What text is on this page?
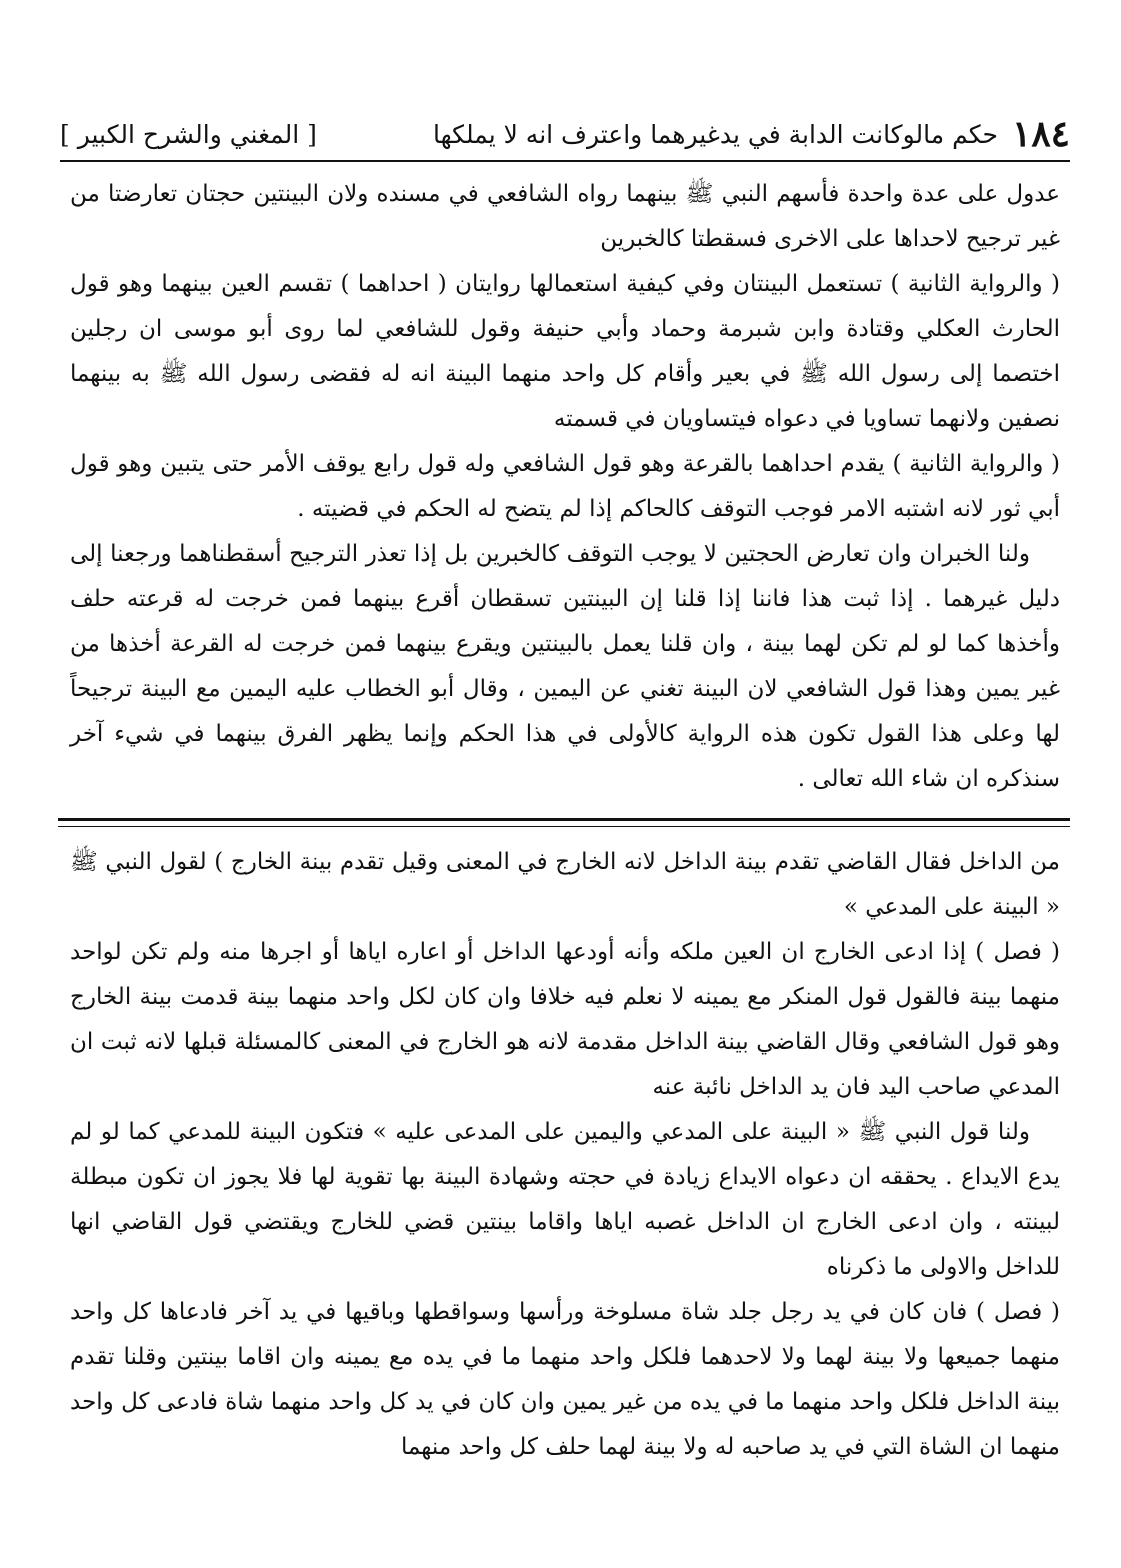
١٨٤
حكم مالوكانت الدابة في يدغيرهما واعترف انه لا يملكها
[ المغني والشرح الكبير ]

عدول على عدة واحدة فأسهم النبي ﷺ بينهما رواه الشافعي في مسنده ولان البينتين حجتان تعارضتا من غير ترجيح لاحداها على الاخرى فسقطتا كالخبرين

( والرواية الثانية ) تستعمل البينتان وفي كيفية استعمالها روايتان ( احداهما ) تقسم العين بينهما وهو قول الحارث العكلي وقتادة وابن شبرمة وحماد وأبي حنيفة وقول للشافعي لما روى أبو موسى ان رجلين اختصما إلى رسول الله ﷺ في بعير وأقام كل واحد منهما البينة انه له فقضى رسول الله ﷺ به بينهما نصفين ولانهما تساويا في دعواه فيتساويان في قسمته

( والرواية الثانية ) يقدم احداهما بالقرعة وهو قول الشافعي وله قول رابع يوقف الأمر حتى يتبين وهو قول أبي ثور لانه اشتبه الامر فوجب التوقف كالحاكم إذا لم يتضح له الحكم في قضيته .

ولنا الخبران وان تعارض الحجتين لا يوجب التوقف كالخبرين بل إذا تعذر الترجيح أسقطناهما ورجعنا إلى دليل غيرهما . إذا ثبت هذا فاننا إذا قلنا إن البينتين تسقطان أقرع بينهما فمن خرجت له قرعته حلف وأخذها كما لو لم تكن لهما بينة ، وان قلنا يعمل بالبينتين ويقرع بينهما فمن خرجت له القرعة أخذها من غير يمين وهذا قول الشافعي لان البينة تغني عن اليمين ، وقال أبو الخطاب عليه اليمين مع البينة ترجيحاً لها وعلى هذا القول تكون هذه الرواية كالأولى في هذا الحكم وإنما يظهر الفرق بينهما في شيء آخر سنذكره ان شاء الله تعالى .

من الداخل فقال القاضي تقدم بينة الداخل لانه الخارج في المعنى وقيل تقدم بينة الخارج ) لقول النبي ﷺ « البينة على المدعي »

( فصل ) إذا ادعى الخارج ان العين ملكه وأنه أودعها الداخل أو اعاره اياها أو اجرها منه ولم تكن لواحد منهما بينة فالقول قول المنكر مع يمينه لا نعلم فيه خلافا وان كان لكل واحد منهما بينة قدمت بينة الخارج وهو قول الشافعي وقال القاضي بينة الداخل مقدمة لانه هو الخارج في المعنى كالمسئلة قبلها لانه ثبت ان المدعي صاحب اليد فان يد الداخل نائبة عنه

ولنا قول النبي ﷺ « البينة على المدعي واليمين على المدعى عليه » فتكون البينة للمدعي كما لو لم يدع الايداع . يحققه ان دعواه الايداع زيادة في حجته وشهادة البينة بها تقوية لها فلا يجوز ان تكون مبطلة لبينته ، وان ادعى الخارج ان الداخل غصبه اياها واقاما بينتين قضي للخارج ويقتضي قول القاضي انها للداخل والاولى ما ذكرناه

( فصل ) فان كان في يد رجل جلد شاة مسلوخة ورأسها وسواقطها وباقيها في يد آخر فادعاها كل واحد منهما جميعها ولا بينة لهما ولا لاحدهما فلكل واحد منهما ما في يده مع يمينه وان اقاما بينتين وقلنا تقدم بينة الداخل فلكل واحد منهما ما في يده من غير يمين وان كان في يد كل واحد منهما شاة فادعى كل واحد منهما ان الشاة التي في يد صاحبه له ولا بينة لهما حلف كل واحد منهما
